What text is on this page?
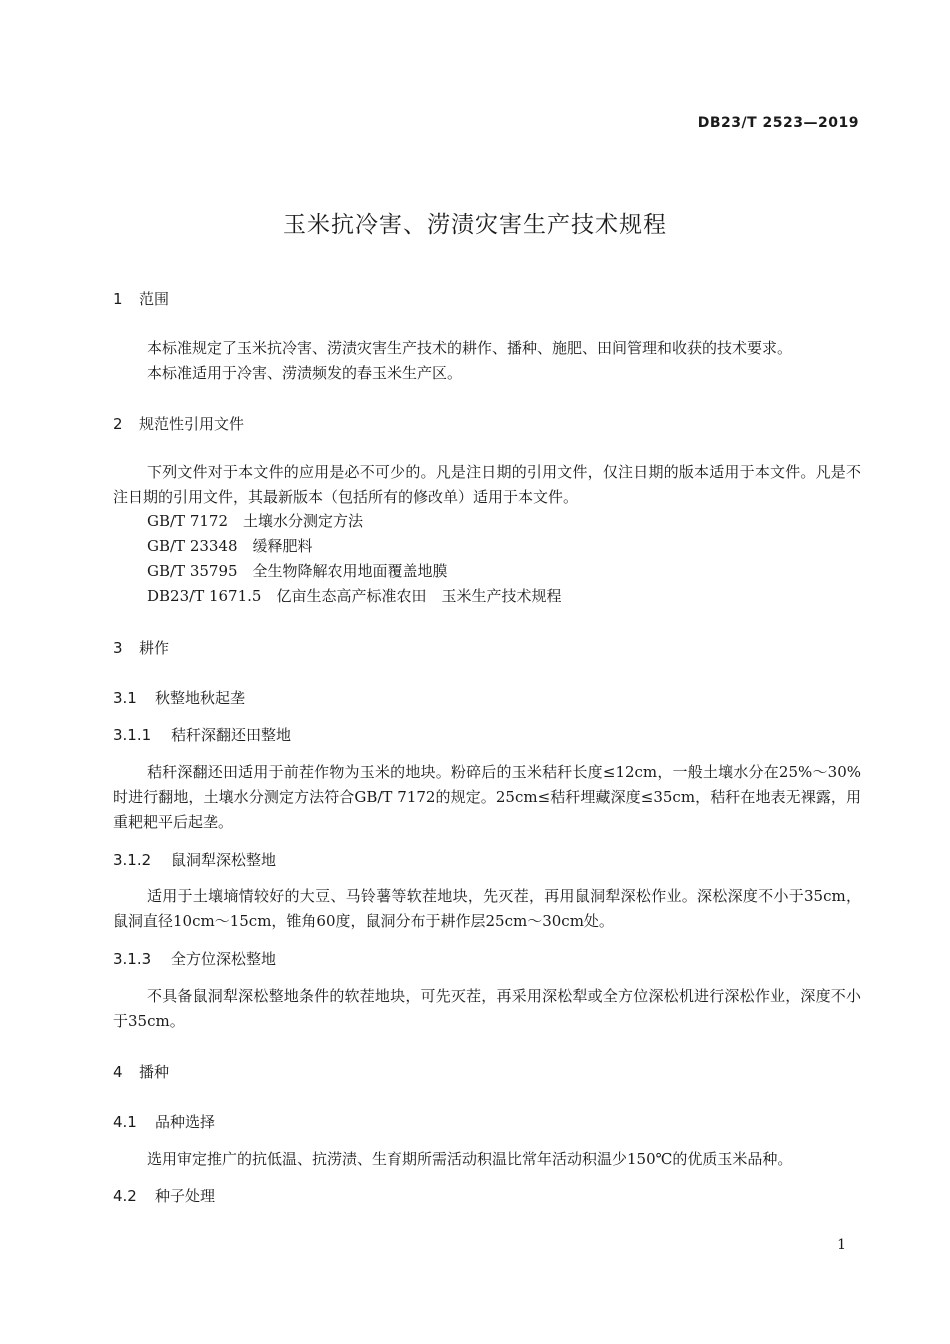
DB23/T 2523—2019
玉米抗冷害、涝渍灾害生产技术规程
1 范围
本标准规定了玉米抗冷害、涝渍灾害生产技术的耕作、播种、施肥、田间管理和收获的技术要求。
本标准适用于冷害、涝渍频发的春玉米生产区。
2 规范性引用文件
下列文件对于本文件的应用是必不可少的。凡是注日期的引用文件，仅注日期的版本适用于本文件。凡是不注日期的引用文件，其最新版本（包括所有的修改单）适用于本文件。
GB/T 7172　土壤水分测定方法
GB/T 23348　缓释肥料
GB/T 35795　全生物降解农用地面覆盖地膜
DB23/T 1671.5　亿亩生态高产标准农田　玉米生产技术规程
3 耕作
3.1 秋整地秋起垄
3.1.1 秸秆深翻还田整地
秸秆深翻还田适用于前茬作物为玉米的地块。粉碎后的玉米秸秆长度≤12cm，一般土壤水分在25%～30%时进行翻地，土壤水分测定方法符合GB/T 7172的规定。25cm≤秸秆埋藏深度≤35cm，秸秆在地表无裸露，用重耙耙平后起垄。
3.1.2 鼠洞犁深松整地
适用于土壤墒情较好的大豆、马铃薯等软茬地块，先灭茬，再用鼠洞犁深松作业。深松深度不小于35cm，鼠洞直径10cm～15cm，锥角60度，鼠洞分布于耕作层25cm～30cm处。
3.1.3 全方位深松整地
不具备鼠洞犁深松整地条件的软茬地块，可先灭茬，再采用深松犁或全方位深松机进行深松作业，深度不小于35cm。
4 播种
4.1 品种选择
选用审定推广的抗低温、抗涝渍、生育期所需活动积温比常年活动积温少150℃的优质玉米品种。
4.2 种子处理
1
